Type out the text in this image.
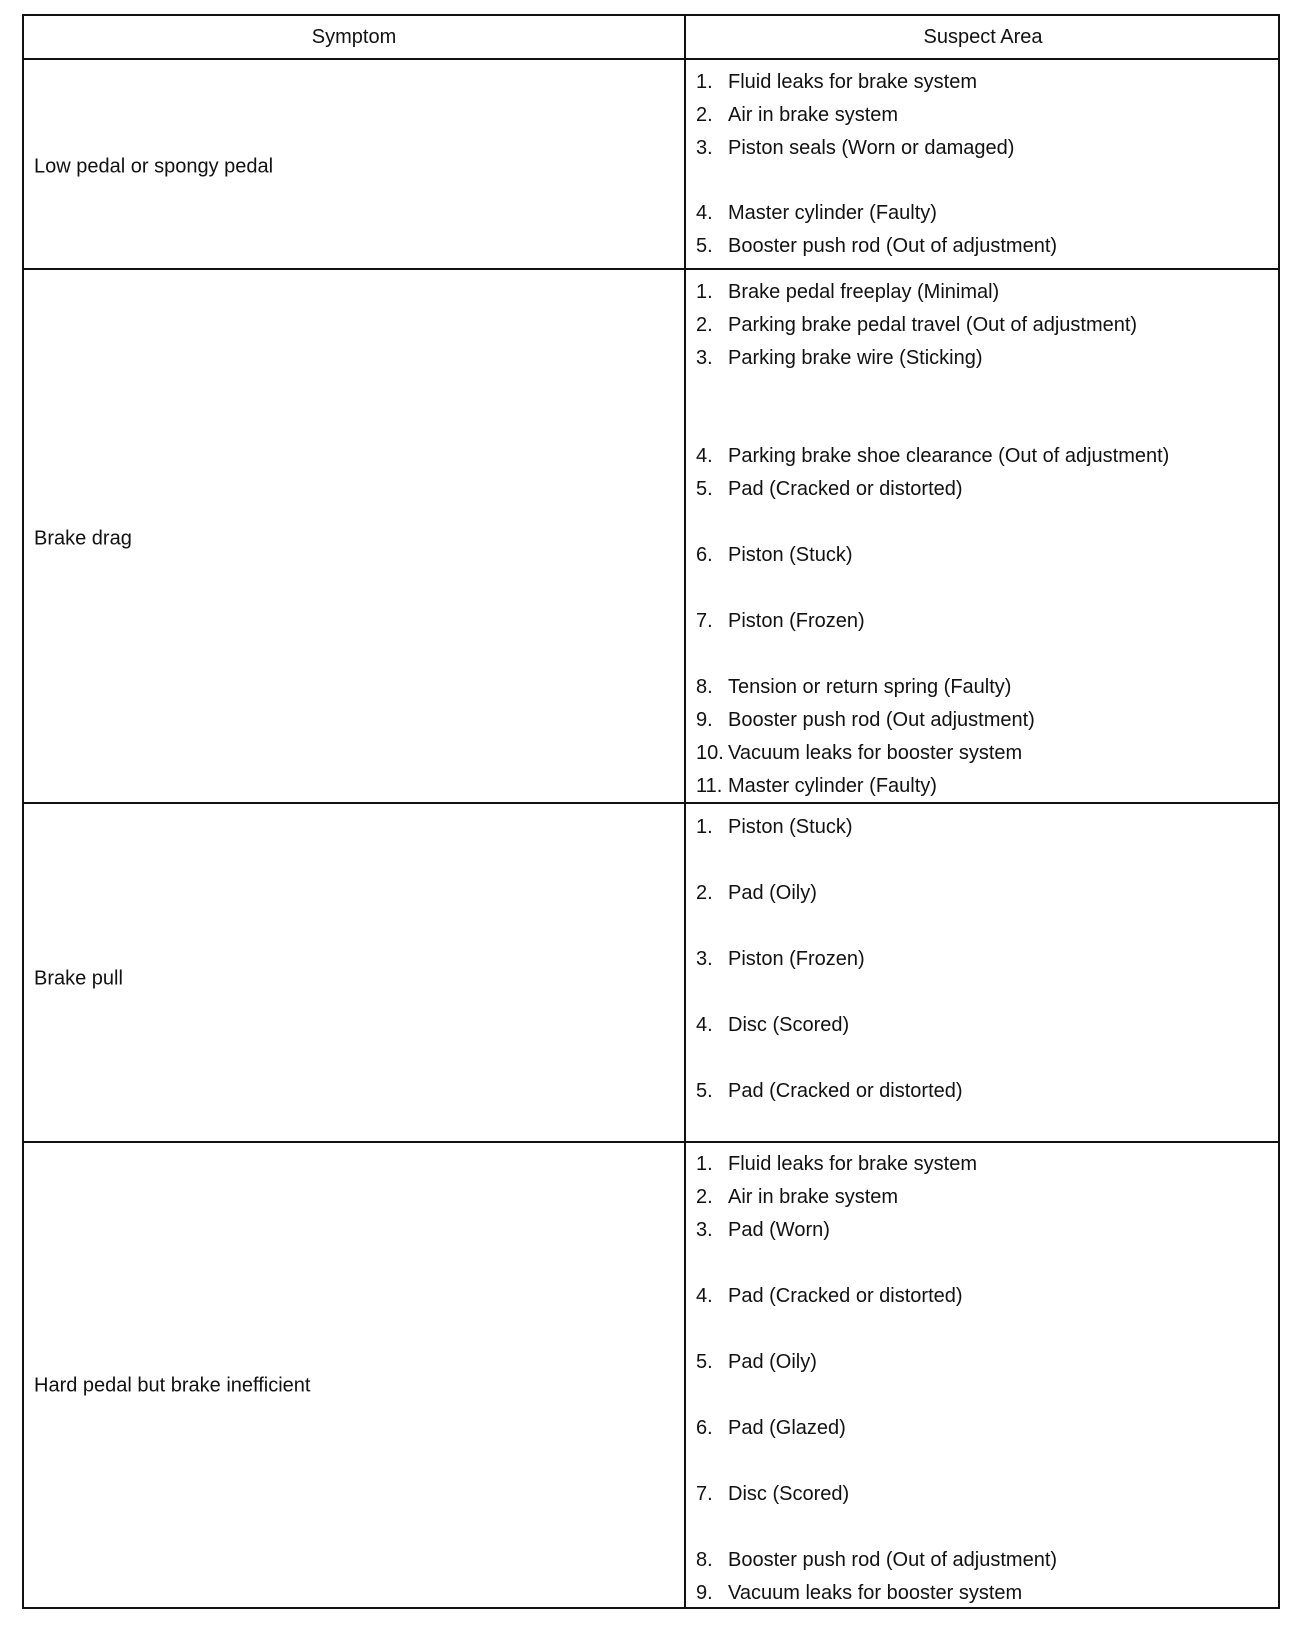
Symptom	Suspect Area
Low pedal or spongy pedal
1. Fluid leaks for brake system
2. Air in brake system
3. Piston seals (Worn or damaged)
4. Master cylinder (Faulty)
5. Booster push rod (Out of adjustment)
Brake drag
1. Brake pedal freeplay (Minimal)
2. Parking brake pedal travel (Out of adjustment)
3. Parking brake wire (Sticking)
4. Parking brake shoe clearance (Out of adjustment)
5. Pad (Cracked or distorted)
6. Piston (Stuck)
7. Piston (Frozen)
8. Tension or return spring (Faulty)
9. Booster push rod (Out adjustment)
10. Vacuum leaks for booster system
11. Master cylinder (Faulty)
Brake pull
1. Piston (Stuck)
2. Pad (Oily)
3. Piston (Frozen)
4. Disc (Scored)
5. Pad (Cracked or distorted)
Hard pedal but brake inefficient
1. Fluid leaks for brake system
2. Air in brake system
3. Pad (Worn)
4. Pad (Cracked or distorted)
5. Pad (Oily)
6. Pad (Glazed)
7. Disc (Scored)
8. Booster push rod (Out of adjustment)
9. Vacuum leaks for booster system
